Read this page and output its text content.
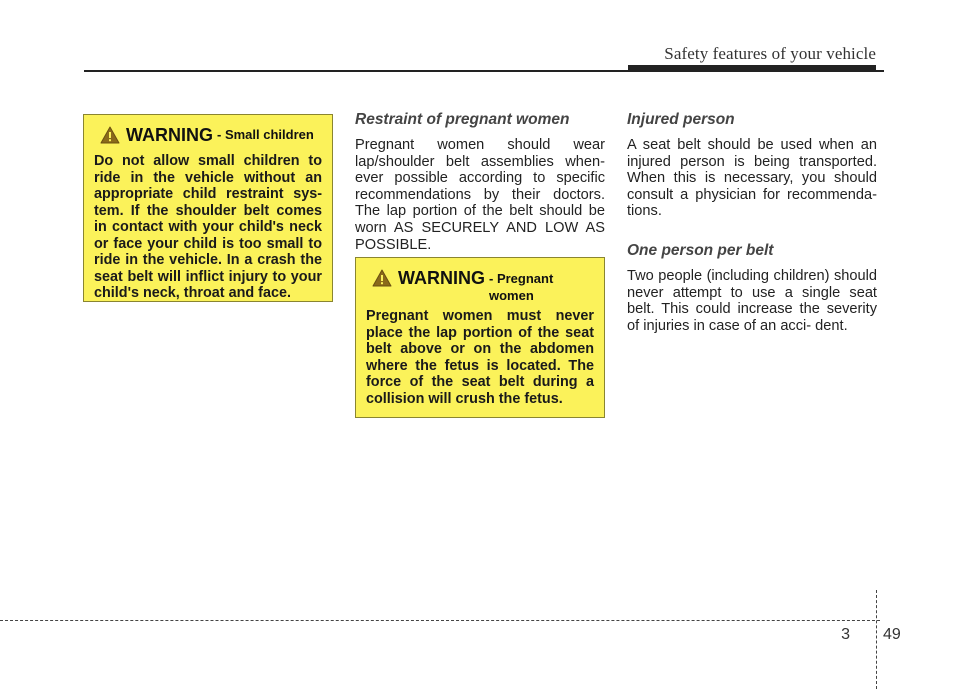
Safety features of your vehicle
WARNING - Small children
Do not allow small children to ride in the vehicle without an appropriate child restraint sys- tem. If the shoulder belt comes in contact with your child's neck or face your child is too small to ride in the vehicle. In a crash the seat belt will inflict injury to your child's neck, throat and face.
Restraint of pregnant women

Pregnant women should wear lap/shoulder belt assemblies when- ever possible according to specific recommendations by their doctors. The lap portion of the belt should be worn AS SECURELY AND LOW AS POSSIBLE.

WARNING - Pregnant women
Pregnant women must never place the lap portion of the seat belt above or on the abdomen where the fetus is located. The force of the seat belt during a collision will crush the fetus.
Injured person

A seat belt should be used when an injured person is being transported. When this is necessary, you should consult a physician for recommenda- tions.

One person per belt

Two people (including children) should never attempt to use a single seat belt. This could increase the severity of injuries in case of an acci- dent.

3 49
